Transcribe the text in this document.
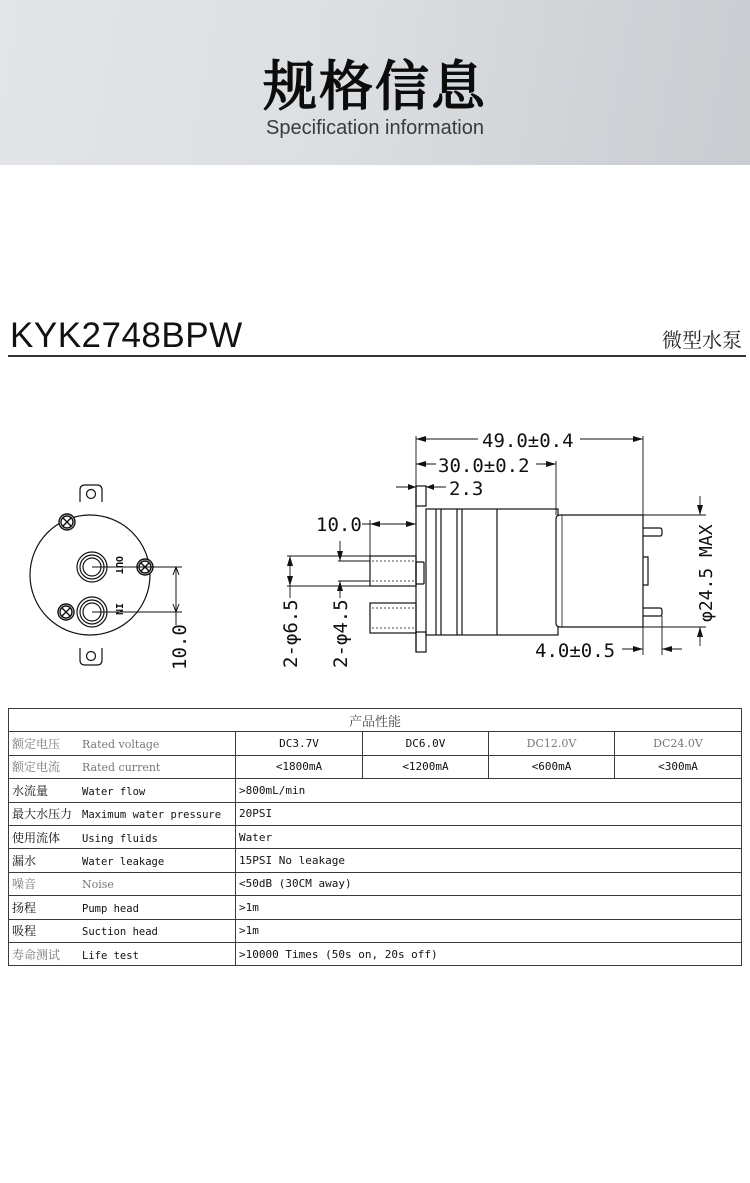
规格信息
Specification information
KYK2748BPW	微型水泵
OUT
IN
10.0
49.0±0.4
30.0±0.2
2.3
10.0
2-φ6.5 2-φ4.5
φ24.5 MAX
4.0±0.5
产品性能				
额定电压 Rated voltage	DC3.7V	DC6.0V	DC12.0V	DC24.0V
额定电流 Rated current	<1800mA	<1200mA	<600mA	<300mA
水流量 Water flow	>800mL/min			
最大水压力 Maximum water pressure	20PSI			
使用流体 Using fluids	Water			
漏水 Water leakage	15PSI No leakage			
噪音 Noise	<50dB (30CM away)			
扬程 Pump head	>1m			
吸程 Suction head	>1m			
寿命测试 Life test	>10000 Times (50s on, 20s off)			
